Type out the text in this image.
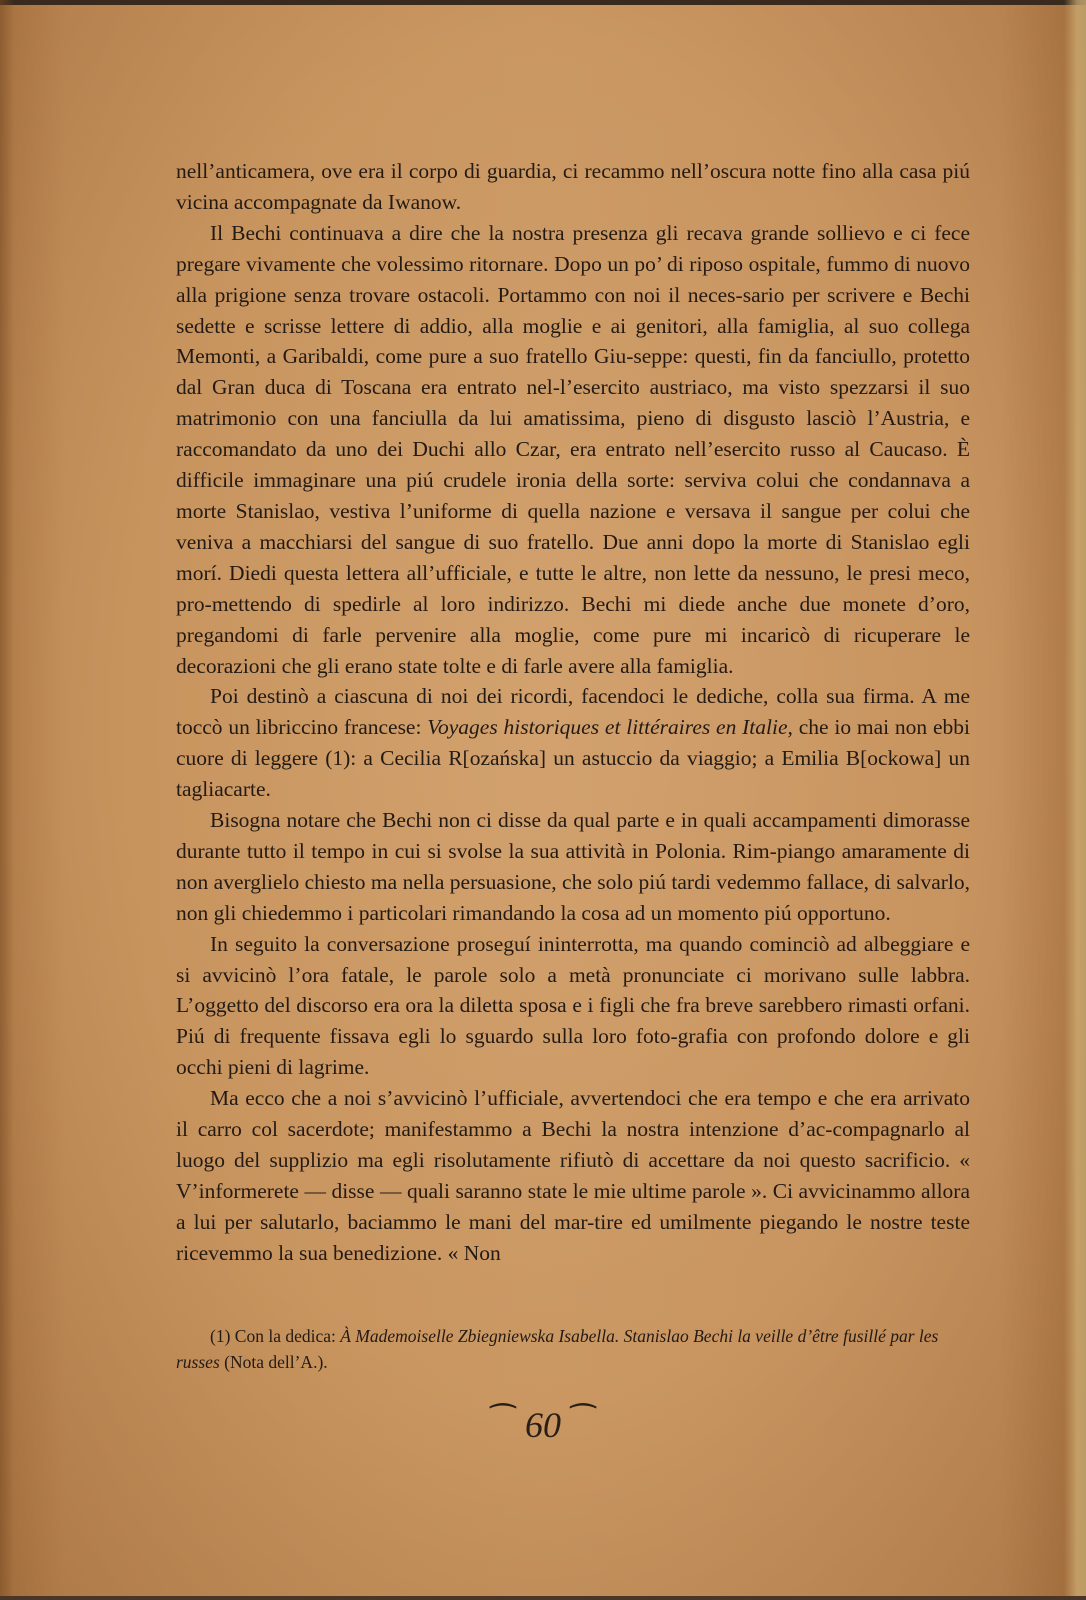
nell’anticamera, ove era il corpo di guardia, ci recammo nell’oscura notte fino alla casa piú vicina accompagnate da Iwanow.

Il Bechi continuava a dire che la nostra presenza gli recava grande sollievo e ci fece pregare vivamente che volessimo ritornare. Dopo un po’ di riposo ospitale, fummo di nuovo alla prigione senza trovare ostacoli. Portammo con noi il neces-sario per scrivere e Bechi sedette e scrisse lettere di addio, alla moglie e ai genitori, alla famiglia, al suo collega Memonti, a Garibaldi, come pure a suo fratello Giu-seppe: questi, fin da fanciullo, protetto dal Gran duca di Toscana era entrato nel-l’esercito austriaco, ma visto spezzarsi il suo matrimonio con una fanciulla da lui amatissima, pieno di disgusto lasciò l’Austria, e raccomandato da uno dei Duchi allo Czar, era entrato nell’esercito russo al Caucaso. È difficile immaginare una piú crudele ironia della sorte: serviva colui che condannava a morte Stanislao, vestiva l’uniforme di quella nazione e versava il sangue per colui che veniva a macchiarsi del sangue di suo fratello. Due anni dopo la morte di Stanislao egli morí. Diedi questa lettera all’ufficiale, e tutte le altre, non lette da nessuno, le presi meco, pro-mettendo di spedirle al loro indirizzo. Bechi mi diede anche due monete d’oro, pregandomi di farle pervenire alla moglie, come pure mi incaricò di ricuperare le decorazioni che gli erano state tolte e di farle avere alla famiglia.

Poi destinò a ciascuna di noi dei ricordi, facendoci le dediche, colla sua firma. A me toccò un libriccino francese: Voyages historiques et littéraires en Italie, che io mai non ebbi cuore di leggere (1): a Cecilia R[ozańska] un astuccio da viaggio; a Emilia B[ockowa] un tagliacarte.

Bisogna notare che Bechi non ci disse da qual parte e in quali accampamenti dimorasse durante tutto il tempo in cui si svolse la sua attività in Polonia. Rim-piango amaramente di non averglielo chiesto ma nella persuasione, che solo piú tardi vedemmo fallace, di salvarlo, non gli chiedemmo i particolari rimandando la cosa ad un momento piú opportuno.

In seguito la conversazione proseguí ininterrotta, ma quando cominciò ad albeggiare e si avvicinò l’ora fatale, le parole solo a metà pronunciate ci morivano sulle labbra. L’oggetto del discorso era ora la diletta sposa e i figli che fra breve sarebbero rimasti orfani. Piú di frequente fissava egli lo sguardo sulla loro foto-grafia con profondo dolore e gli occhi pieni di lagrime.

Ma ecco che a noi s’avvicinò l’ufficiale, avvertendoci che era tempo e che era arrivato il carro col sacerdote; manifestammo a Bechi la nostra intenzione d’ac-compagnarlo al luogo del supplizio ma egli risolutamente rifiutò di accettare da noi questo sacrificio. « V’informerete — disse — quali saranno state le mie ultime parole ». Ci avvicinammo allora a lui per salutarlo, baciammo le mani del mar-tire ed umilmente piegando le nostre teste ricevemmo la sua benedizione. « Non

(1) Con la dedica: À Mademoiselle Zbiegniewska Isabella. Stanislao Bechi la veille d’être fusillé par les russes (Nota dell’A.).
⁀ 60 ⁀
